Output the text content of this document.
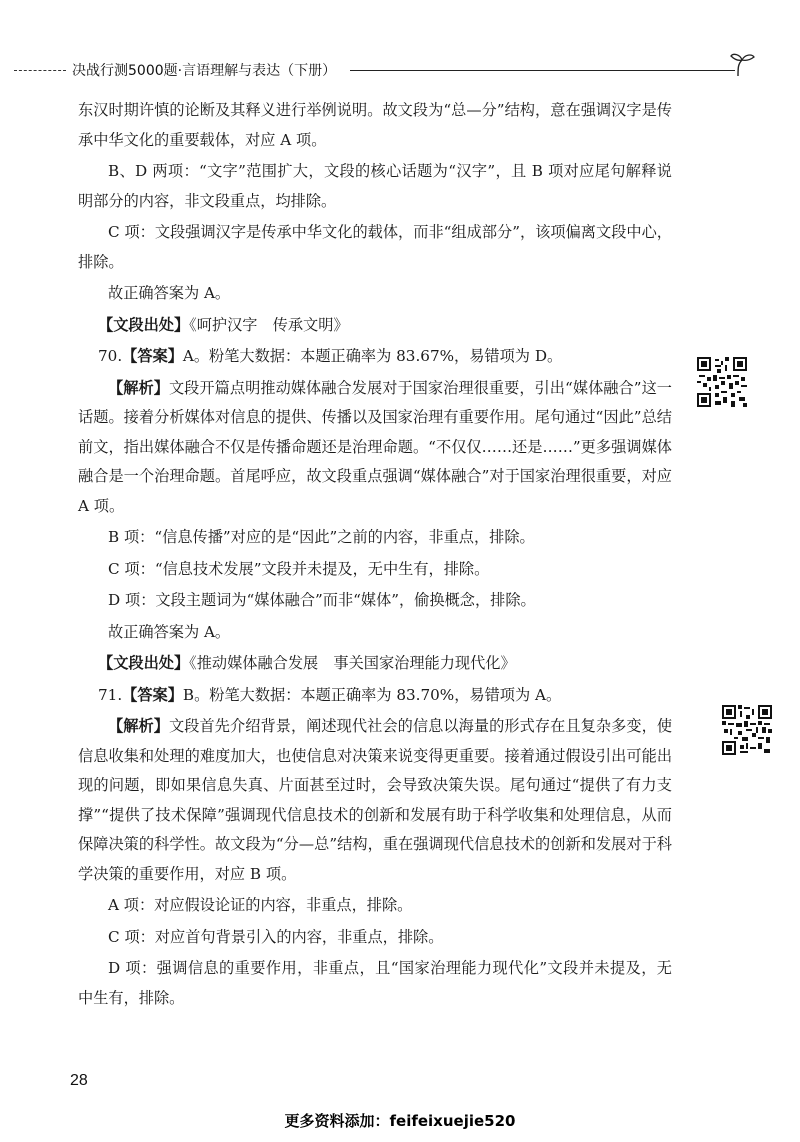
决战行测5000题·言语理解与表达（下册）

东汉时期许慎的论断及其释义进行举例说明。故文段为“总—分”结构，意在强调汉字是传承中华文化的重要载体，对应 A 项。

B、D 两项：“文字”范围扩大，文段的核心话题为“汉字”，且 B 项对应尾句解释说明部分的内容，非文段重点，均排除。

C 项：文段强调汉字是传承中华文化的载体，而非“组成部分”，该项偏离文段中心，排除。

故正确答案为 A。

【文段出处】《呵护汉字　传承文明》

70.【答案】A。粉笔大数据：本题正确率为 83.67%，易错项为 D。

【解析】文段开篇点明推动媒体融合发展对于国家治理很重要，引出“媒体融合”这一话题。接着分析媒体对信息的提供、传播以及国家治理有重要作用。尾句通过“因此”总结前文，指出媒体融合不仅是传播命题还是治理命题。“不仅仅……还是……”更多强调媒体融合是一个治理命题。首尾呼应，故文段重点强调“媒体融合”对于国家治理很重要，对应 A 项。

B 项：“信息传播”对应的是“因此”之前的内容，非重点，排除。

C 项：“信息技术发展”文段并未提及，无中生有，排除。

D 项：文段主题词为“媒体融合”而非“媒体”，偷换概念，排除。

故正确答案为 A。

【文段出处】《推动媒体融合发展　事关国家治理能力现代化》

71.【答案】B。粉笔大数据：本题正确率为 83.70%，易错项为 A。

【解析】文段首先介绍背景，阐述现代社会的信息以海量的形式存在且复杂多变，使信息收集和处理的难度加大，也使信息对决策来说变得更重要。接着通过假设引出可能出现的问题，即如果信息失真、片面甚至过时，会导致决策失误。尾句通过“提供了有力支撑”“提供了技术保障”强调现代信息技术的创新和发展有助于科学收集和处理信息，从而保障决策的科学性。故文段为“分—总”结构，重在强调现代信息技术的创新和发展对于科学决策的重要作用，对应 B 项。

A 项：对应假设论证的内容，非重点，排除。

C 项：对应首句背景引入的内容，非重点，排除。

D 项：强调信息的重要作用，非重点，且“国家治理能力现代化”文段并未提及，无中生有，排除。

28
更多资料添加：feifeixuejie520
